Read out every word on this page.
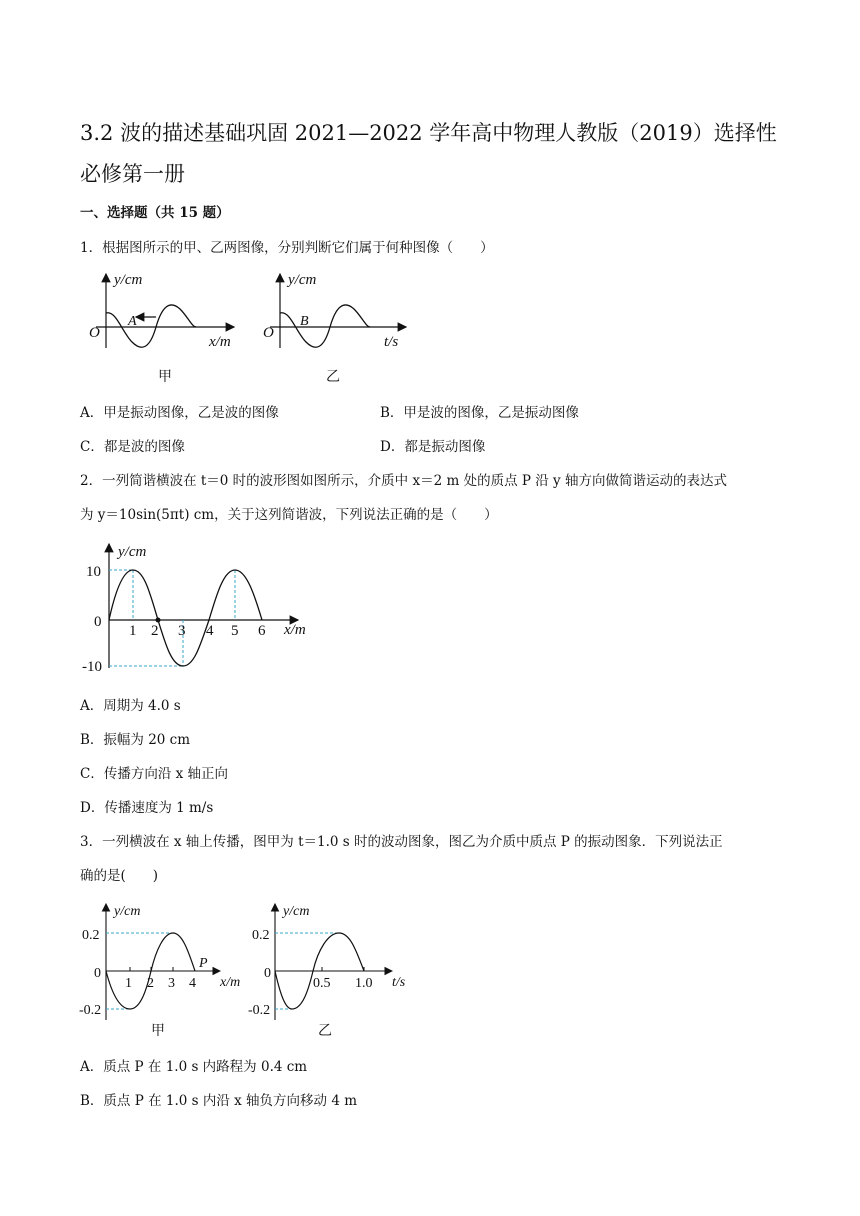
3.2 波的描述基础巩固 2021—2022 学年高中物理人教版（2019）选择性必修第一册
一、选择题（共 15 题）
1．根据图所示的甲、乙两图像，分别判断它们属于何种图像（　　）
y/cm
x/m
O
A
甲
y/cm
t/s
O
B
乙
A．甲是振动图像，乙是波的图像	B．甲是波的图像，乙是振动图像
C．都是波的图像	D．都是振动图像
2．一列简谐横波在 t＝0 时的波形图如图所示，介质中 x＝2 m 处的质点 P 沿 y 轴方向做简谐运动的表达式
为 y＝10sin(5πt) cm，关于这列简谐波，下列说法正确的是（　　）
y/cm
x/m
10
0
-10
1 2 3 4 5 6
A．周期为 4.0 s
B．振幅为 20 cm
C．传播方向沿 x 轴正向
D．传播速度为 1 m/s
3．一列横波在 x 轴上传播，图甲为 t＝1.0 s 时的波动图象，图乙为介质中质点 P 的振动图象．下列说法正
确的是(　　)
y/cm
x/m
0.2
0
-0.2
1 2 3 4
P
甲
y/cm
t/s
0.2
0
-0.2
0.5 1.0
乙
A．质点 P 在 1.0 s 内路程为 0.4 cm
B．质点 P 在 1.0 s 内沿 x 轴负方向移动 4 m
